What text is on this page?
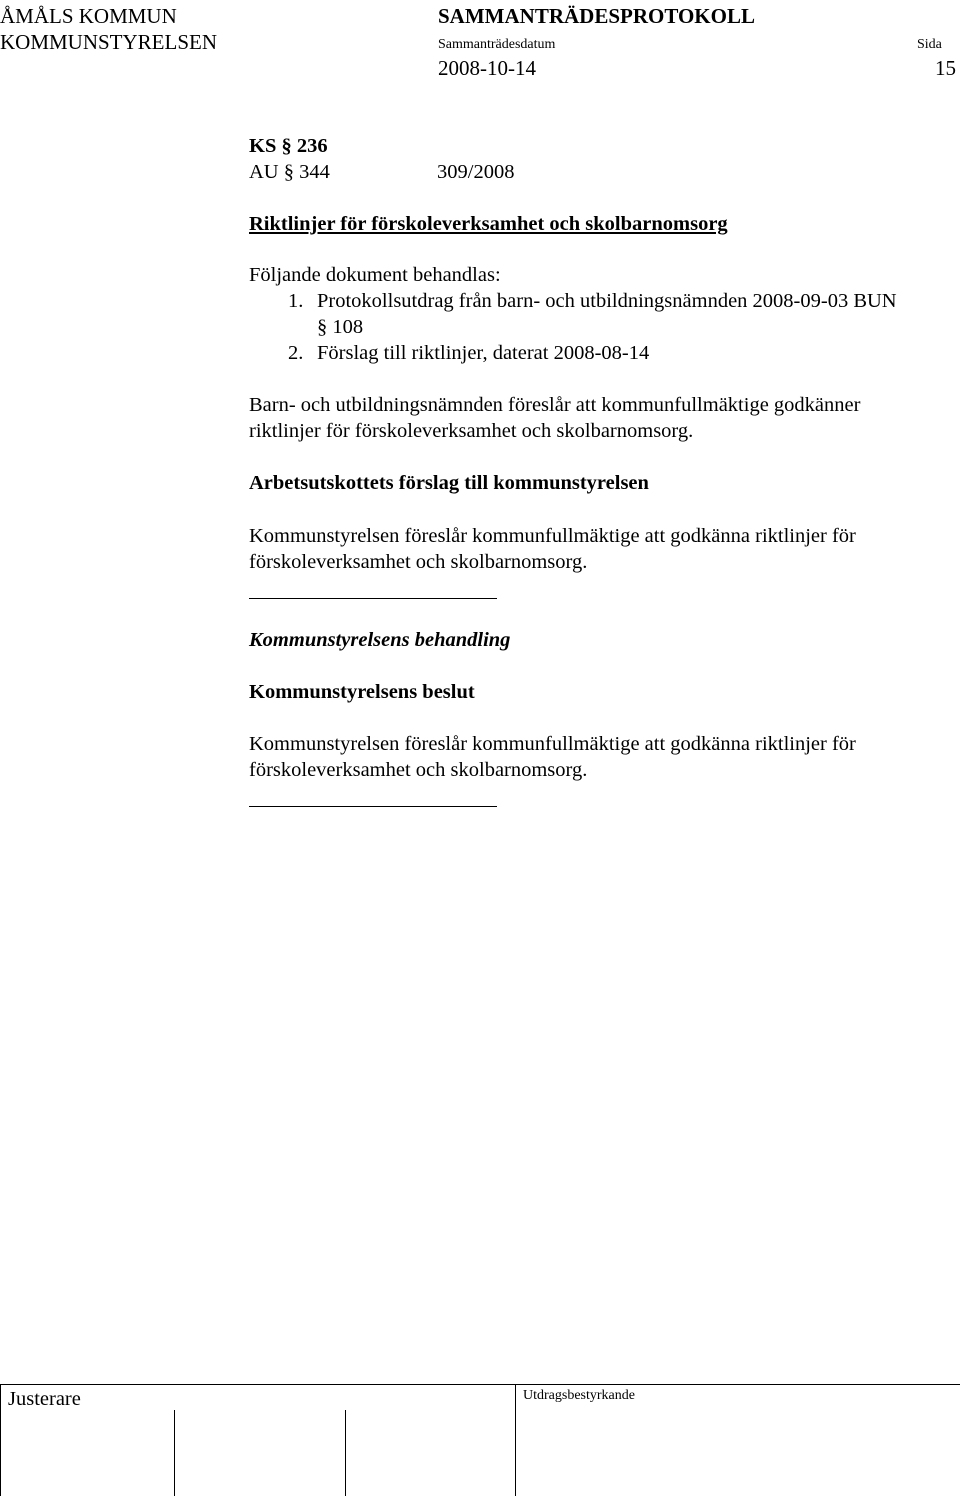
ÅMÅLS KOMMUN
KOMMUNSTYRELSEN
SAMMANTRÄDESPROTOKOLL
Sammanträdesdatum	Sida
2008-10-14	15
KS § 236
AU § 344	309/2008
Riktlinjer för förskoleverksamhet och skolbarnomsorg
Följande dokument behandlas:
1. Protokollsutdrag från barn- och utbildningsnämnden 2008-09-03 BUN
§ 108
2. Förslag till riktlinjer, daterat 2008-08-14
Barn- och utbildningsnämnden föreslår att kommunfullmäktige godkänner
riktlinjer för förskoleverksamhet och skolbarnomsorg.
Arbetsutskottets förslag till kommunstyrelsen
Kommunstyrelsen föreslår kommunfullmäktige att godkänna riktlinjer för
förskoleverksamhet och skolbarnomsorg.
Kommunstyrelsens behandling
Kommunstyrelsens beslut
Kommunstyrelsen föreslår kommunfullmäktige att godkänna riktlinjer för
förskoleverksamhet och skolbarnomsorg.
Justerare	Utdragsbestyrkande
